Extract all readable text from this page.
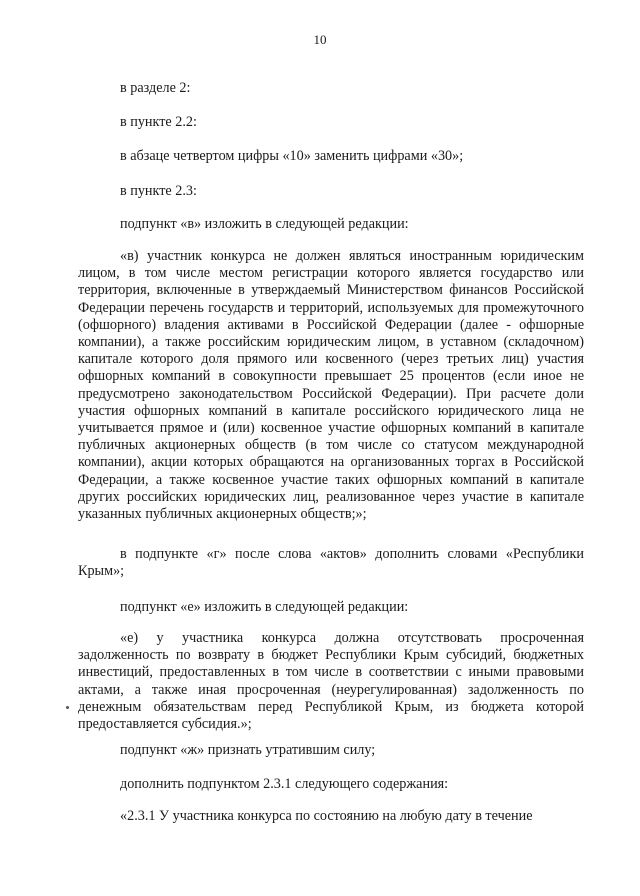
10
в разделе 2:
в пункте 2.2:
в абзаце четвертом цифры «10» заменить цифрами «30»;
в пункте 2.3:
подпункт «в» изложить в следующей редакции:
«в) участник конкурса не должен являться иностранным юридическим лицом, в том числе местом регистрации которого является государство или территория, включенные в утверждаемый Министерством финансов Российской Федерации перечень государств и территорий, используемых для промежуточного (офшорного) владения активами в Российской Федерации (далее - офшорные компании), а также российским юридическим лицом, в уставном (складочном) капитале которого доля прямого или косвенного (через третьих лиц) участия офшорных компаний в совокупности превышает 25 процентов (если иное не предусмотрено законодательством Российской Федерации). При расчете доли участия офшорных компаний в капитале российского юридического лица не учитывается прямое и (или) косвенное участие офшорных компаний в капитале публичных акционерных обществ (в том числе со статусом международной компании), акции которых обращаются на организованных торгах в Российской Федерации, а также косвенное участие таких офшорных компаний в капитале других российских юридических лиц, реализованное через участие в капитале указанных публичных акционерных обществ;»;
в подпункте «г» после слова «актов» дополнить словами «Республики Крым»;
подпункт «е» изложить в следующей редакции:
«е) у участника конкурса должна отсутствовать просроченная задолженность по возврату в бюджет Республики Крым субсидий, бюджетных инвестиций, предоставленных в том числе в соответствии с иными правовыми актами, а также иная просроченная (неурегулированная) задолженность по денежным обязательствам перед Республикой Крым, из бюджета которой предоставляется субсидия.»;
подпункт «ж» признать утратившим силу;
дополнить подпунктом 2.3.1 следующего содержания:
«2.3.1 У участника конкурса по состоянию на любую дату в течение
